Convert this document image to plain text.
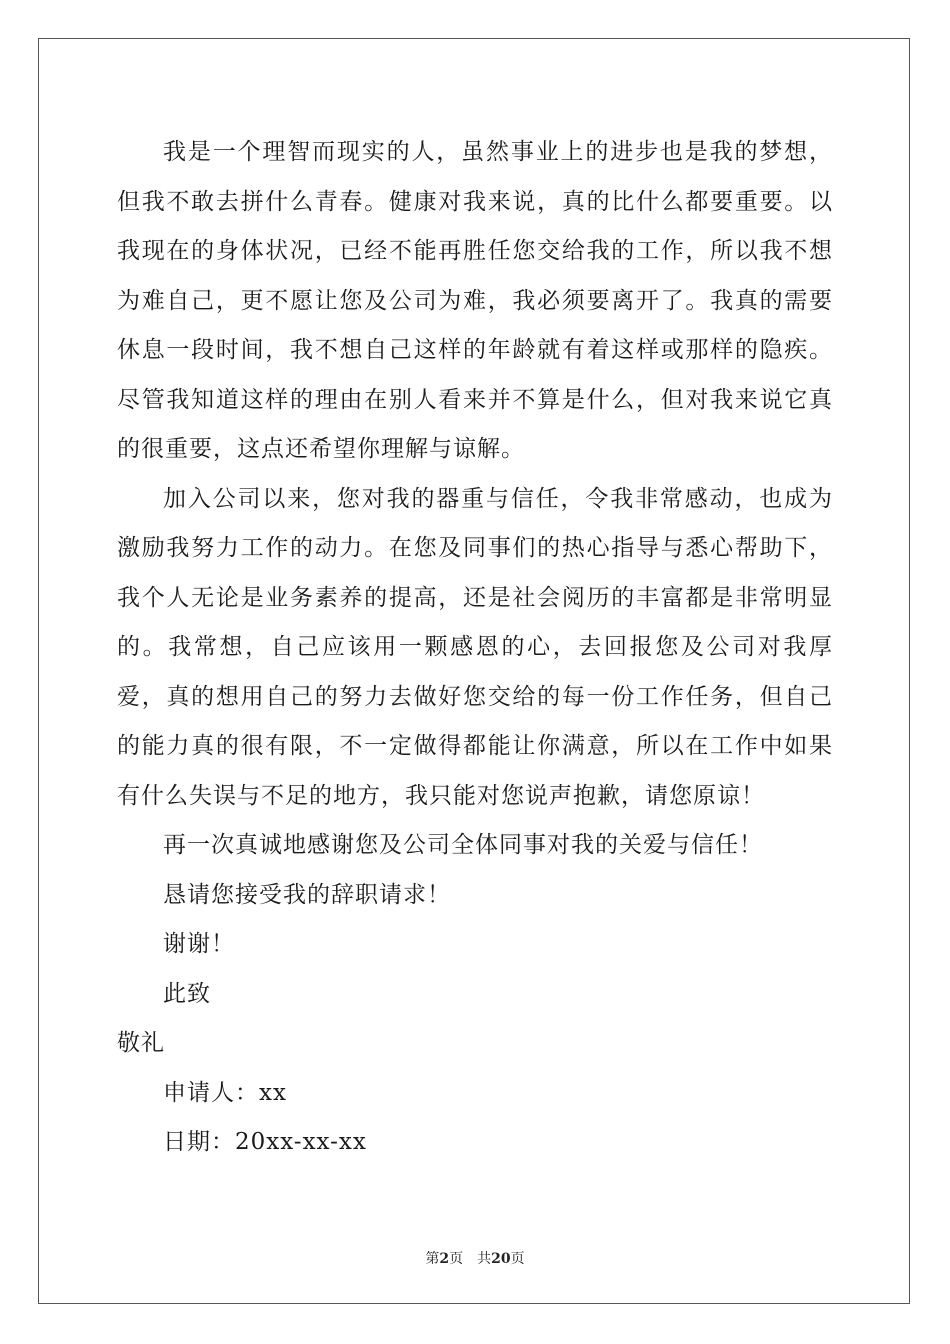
我是一个理智而现实的人，虽然事业上的进步也是我的梦想，但我不敢去拼什么青春。健康对我来说，真的比什么都要重要。以我现在的身体状况，已经不能再胜任您交给我的工作，所以我不想为难自己，更不愿让您及公司为难，我必须要离开了。我真的需要休息一段时间，我不想自己这样的年龄就有着这样或那样的隐疾。尽管我知道这样的理由在别人看来并不算是什么，但对我来说它真的很重要，这点还希望你理解与谅解。

加入公司以来，您对我的器重与信任，令我非常感动，也成为激励我努力工作的动力。在您及同事们的热心指导与悉心帮助下，我个人无论是业务素养的提高，还是社会阅历的丰富都是非常明显的。我常想，自己应该用一颗感恩的心，去回报您及公司对我厚爱，真的想用自己的努力去做好您交给的每一份工作任务，但自己的能力真的很有限，不一定做得都能让你满意，所以在工作中如果有什么失误与不足的地方，我只能对您说声抱歉，请您原谅！

再一次真诚地感谢您及公司全体同事对我的关爱与信任！

恳请您接受我的辞职请求！

谢谢！

此致

敬礼

申请人：xx

日期：20xx-xx-xx

第2页 共20页
